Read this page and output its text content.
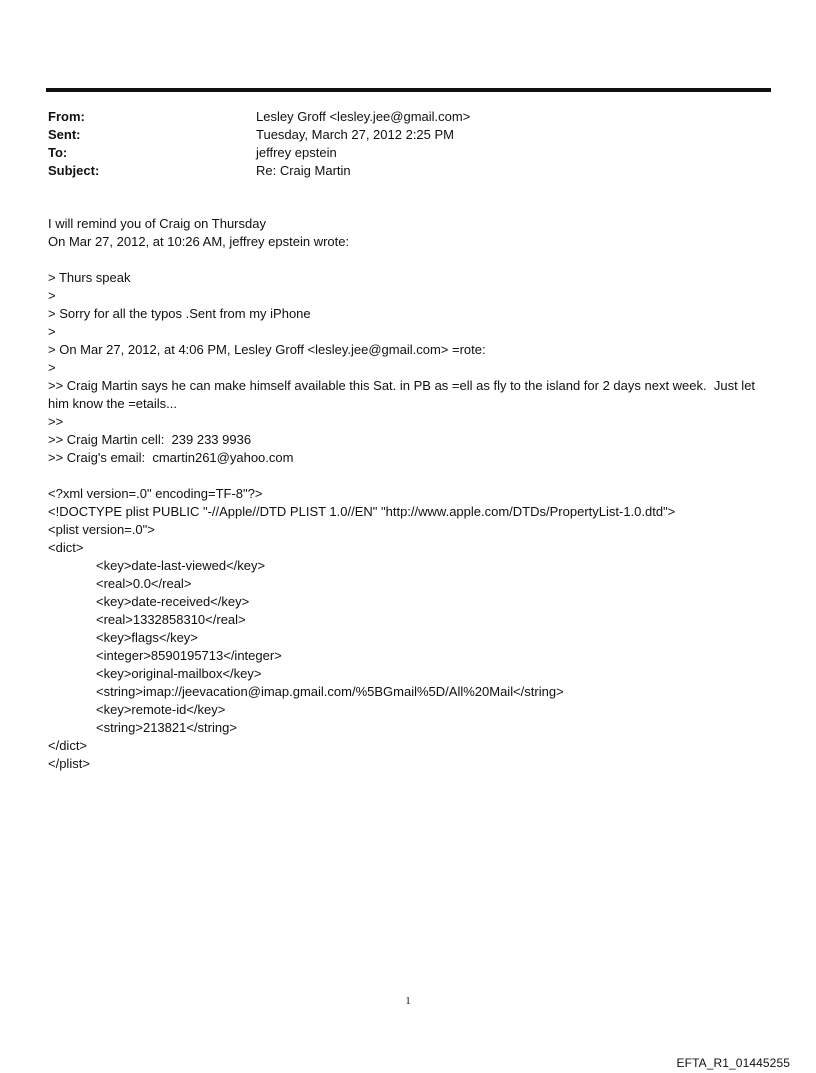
From:	Lesley Groff <lesley.jee@gmail.com>
Sent:	Tuesday, March 27, 2012 2:25 PM
To:	jeffrey epstein
Subject:	Re: Craig Martin
I will remind you of Craig on Thursday
On Mar 27, 2012, at 10:26 AM, jeffrey epstein wrote:
> Thurs speak
>
> Sorry for all the typos .Sent from my iPhone
>
> On Mar 27, 2012, at 4:06 PM, Lesley Groff <lesley.jee@gmail.com> =rote:
>
>> Craig Martin says he can make himself available this Sat. in PB as =ell as fly to the island for 2 days next week.  Just let him know the =etails...
>>
>> Craig Martin cell:  239 233 9936
>> Craig's email:  cmartin261@yahoo.com
<?xml version=.0" encoding=TF-8"?>
<!DOCTYPE plist PUBLIC "-//Apple//DTD PLIST 1.0//EN" "http://www.apple.com/DTDs/PropertyList-1.0.dtd">
<plist version=.0">
<dict>
<key>date-last-viewed</key>
<real>0.0</real>
<key>date-received</key>
<real>1332858310</real>
<key>flags</key>
<integer>8590195713</integer>
<key>original-mailbox</key>
<string>imap://jeevacation@imap.gmail.com/%5BGmail%5D/All%20Mail</string>
<key>remote-id</key>
<string>213821</string>
</dict>
</plist>
1
EFTA_R1_01445255
